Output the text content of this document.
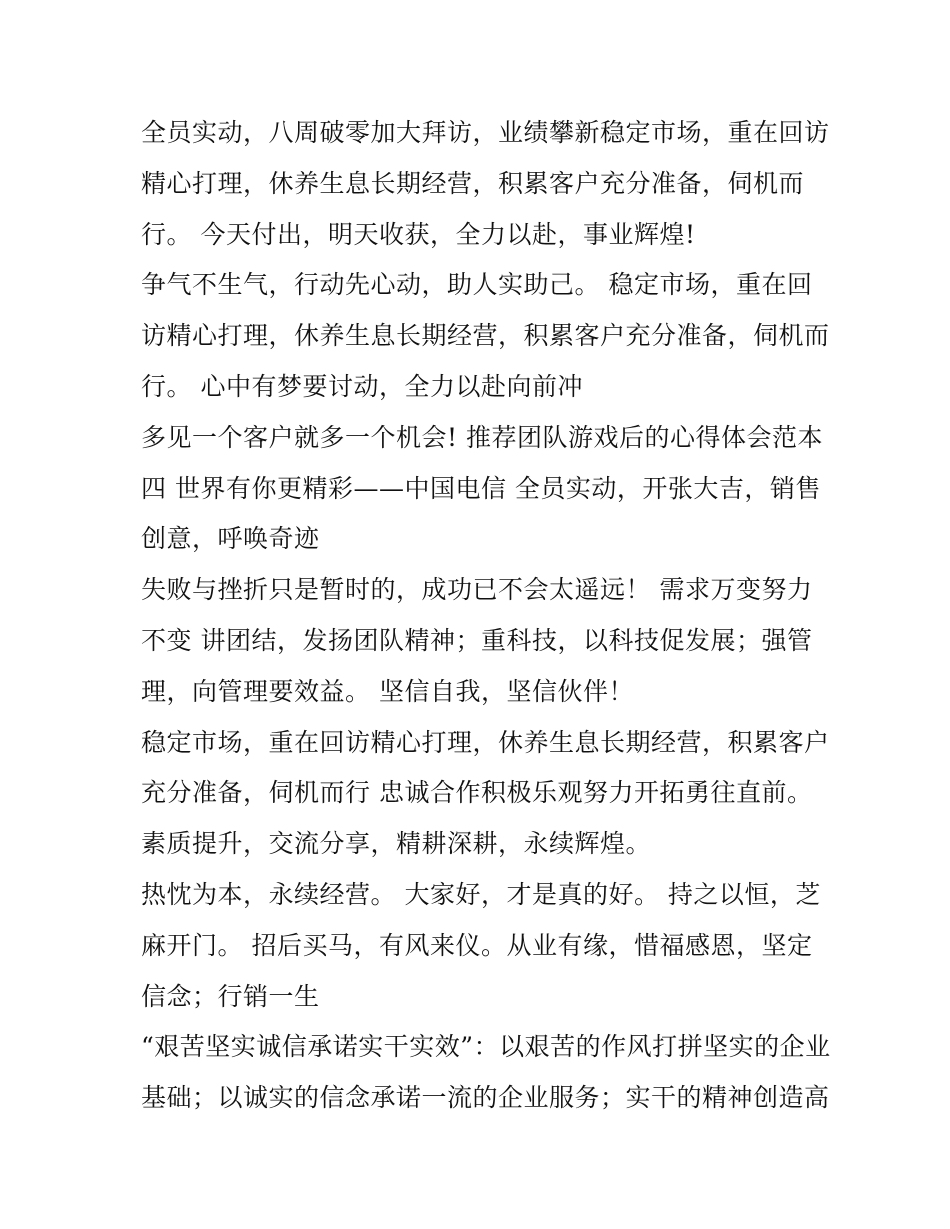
全员实动，八周破零加大拜访，业绩攀新稳定市场，重在回访
精心打理，休养生息长期经营，积累客户充分准备，伺机而
行。 今天付出，明天收获，全力以赴，事业辉煌!
争气不生气，行动先心动，助人实助己。 稳定市场，重在回
访精心打理，休养生息长期经营，积累客户充分准备，伺机而
行。 心中有梦要讨动，全力以赴向前冲
多见一个客户就多一个机会! 推荐团队游戏后的心得体会范本
四 世界有你更精彩——中国电信 全员实动，开张大吉，销售
创意，呼唤奇迹
失败与挫折只是暂时的，成功已不会太遥远！ 需求万变努力
不变 讲团结，发扬团队精神；重科技，以科技促发展；强管
理，向管理要效益。 坚信自我，坚信伙伴！
稳定市场，重在回访精心打理，休养生息长期经营，积累客户
充分准备，伺机而行 忠诚合作积极乐观努力开拓勇往直前。
素质提升，交流分享，精耕深耕，永续辉煌。
热忱为本，永续经营。 大家好，才是真的好。 持之以恒，芝
麻开门。 招后买马，有风来仪。从业有缘，惜福感恩，坚定
信念；行销一生
“艰苦坚实诚信承诺实干实效”：以艰苦的作风打拼坚实的企业
基础；以诚实的信念承诺一流的企业服务；实干的精神创造高
